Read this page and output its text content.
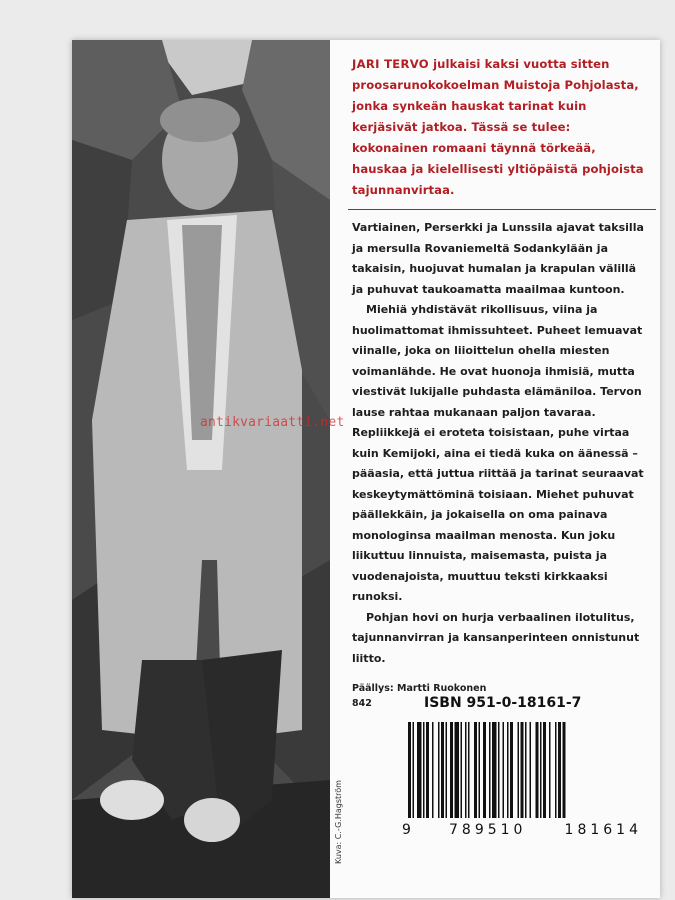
Kuva: C.-G.Hagström
JARI TERVO julkaisi kaksi vuotta sitten proosarunokokoelman Muistoja Pohjolasta, jonka synkeän hauskat tarinat kuin kerjäsivät jatkoa. Tässä se tulee: kokonainen romaani täynnä törkeää, hauskaa ja kielellisesti yltiöpäistä pohjoista tajunnanvirtaa.

Vartiainen, Perserkki ja Lunssila ajavat taksilla ja mersulla Rovaniemeltä Sodankylään ja takaisin, huojuvat humalan ja krapulan välillä ja puhuvat taukoamatta maailmaa kuntoon.

Miehiä yhdistävät rikollisuus, viina ja huolimattomat ihmissuhteet. Puheet lemuavat viinalle, joka on liioittelun ohella miesten voimanlähde. He ovat huonoja ihmisiä, mutta viestivät lukijalle puhdasta elämäniloa. Tervon lause rahtaa mukanaan paljon tavaraa. Repliikkejä ei eroteta toisistaan, puhe virtaa kuin Kemijoki, aina ei tiedä kuka on äänessä – pääasia, että juttua riittää ja tarinat seuraavat keskeytymättöminä toisiaan. Miehet puhuvat päällekkäin, ja jokaisella on oma painava monologinsa maailman menosta. Kun joku liikuttuu linnuista, maisemasta, puista ja vuodenajoista, muuttuu teksti kirkkaaksi runoksi.

Pohjan hovi on hurja verbaalinen ilotulitus, tajunnanvirran ja kansanperinteen onnistunut liitto.

Päällys: Martti Ruokonen
842	ISBN 951-0-18161-7
9	789510	181614
antikvariaatti.net
